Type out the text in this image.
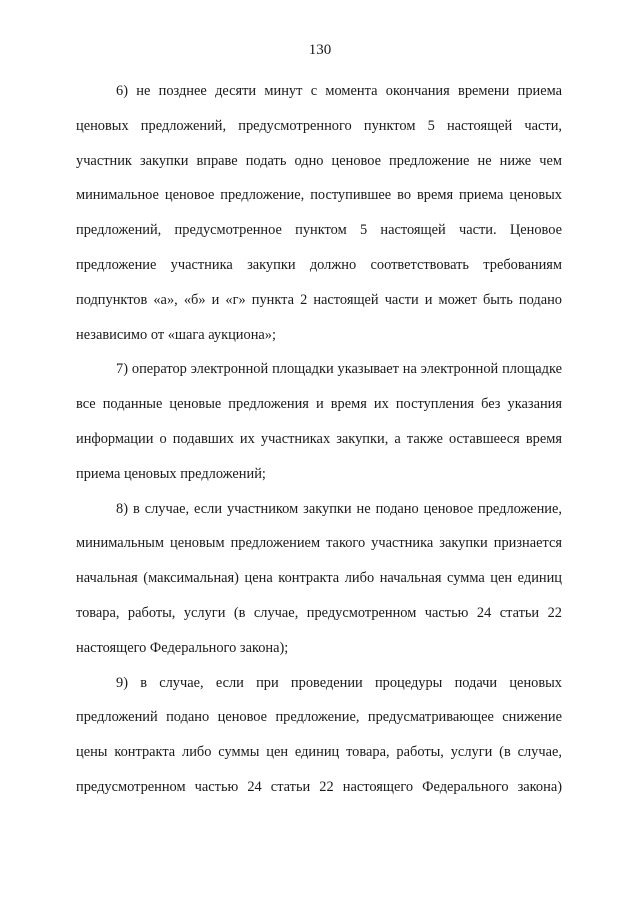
130

6) не позднее десяти минут с момента окончания времени приема ценовых предложений, предусмотренного пунктом 5 настоящей части, участник закупки вправе подать одно ценовое предложение не ниже чем минимальное ценовое предложение, поступившее во время приема ценовых предложений, предусмотренное пунктом 5 настоящей части. Ценовое предложение участника закупки должно соответствовать требованиям подпунктов «а», «б» и «г» пункта 2 настоящей части и может быть подано независимо от «шага аукциона»;

7) оператор электронной площадки указывает на электронной площадке все поданные ценовые предложения и время их поступления без указания информации о подавших их участниках закупки, а также оставшееся время приема ценовых предложений;

8) в случае, если участником закупки не подано ценовое предложение, минимальным ценовым предложением такого участника закупки признается начальная (максимальная) цена контракта либо начальная сумма цен единиц товара, работы, услуги (в случае, предусмотренном частью 24 статьи 22 настоящего Федерального закона);

9) в случае, если при проведении процедуры подачи ценовых предложений подано ценовое предложение, предусматривающее снижение цены контракта либо суммы цен единиц товара, работы, услуги (в случае, предусмотренном частью 24 статьи 22 настоящего Федерального закона)
